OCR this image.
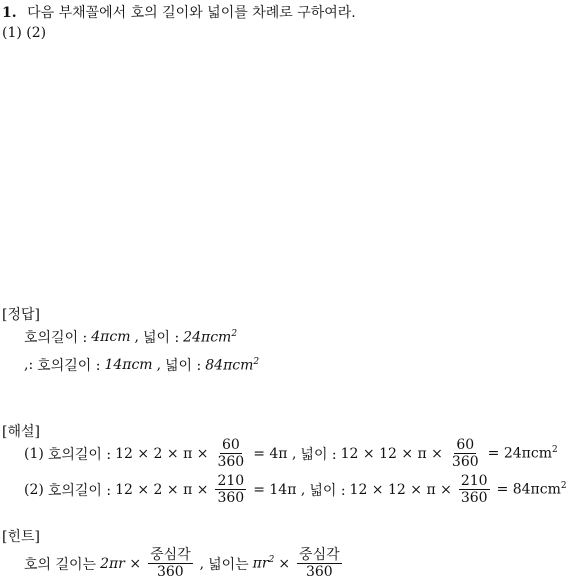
1. 다음 부채꼴에서 호의 길이와 넓이를 차례로 구하여라.
(1) (2)
[정답]
호의길이 : 4πcm , 넓이 : 24πcm$^2$
,: 호의길이 : 14πcm , 넓이 : 84πcm$^2$
[해설]
(1) 호의길이 : $12 \times 2 \times \pi \times \frac{60}{360} = 4\pi$ , 넓이 : $12 \times 12 \times \pi \times \frac{60}{360} = 24\pi cm^2$
(2) 호의길이 : $12 \times 2 \times \pi \times \frac{210}{360} = 14\pi$ , 넓이 : $12 \times 12 \times \pi \times \frac{210}{360} = 84\pi cm^2$
[힌트]
호의 길이는 $2\pi r \times \frac{\text{중심각}}{360}$ , 넓이는 $\pi r^2 \times \frac{\text{중심각}}{360}$
